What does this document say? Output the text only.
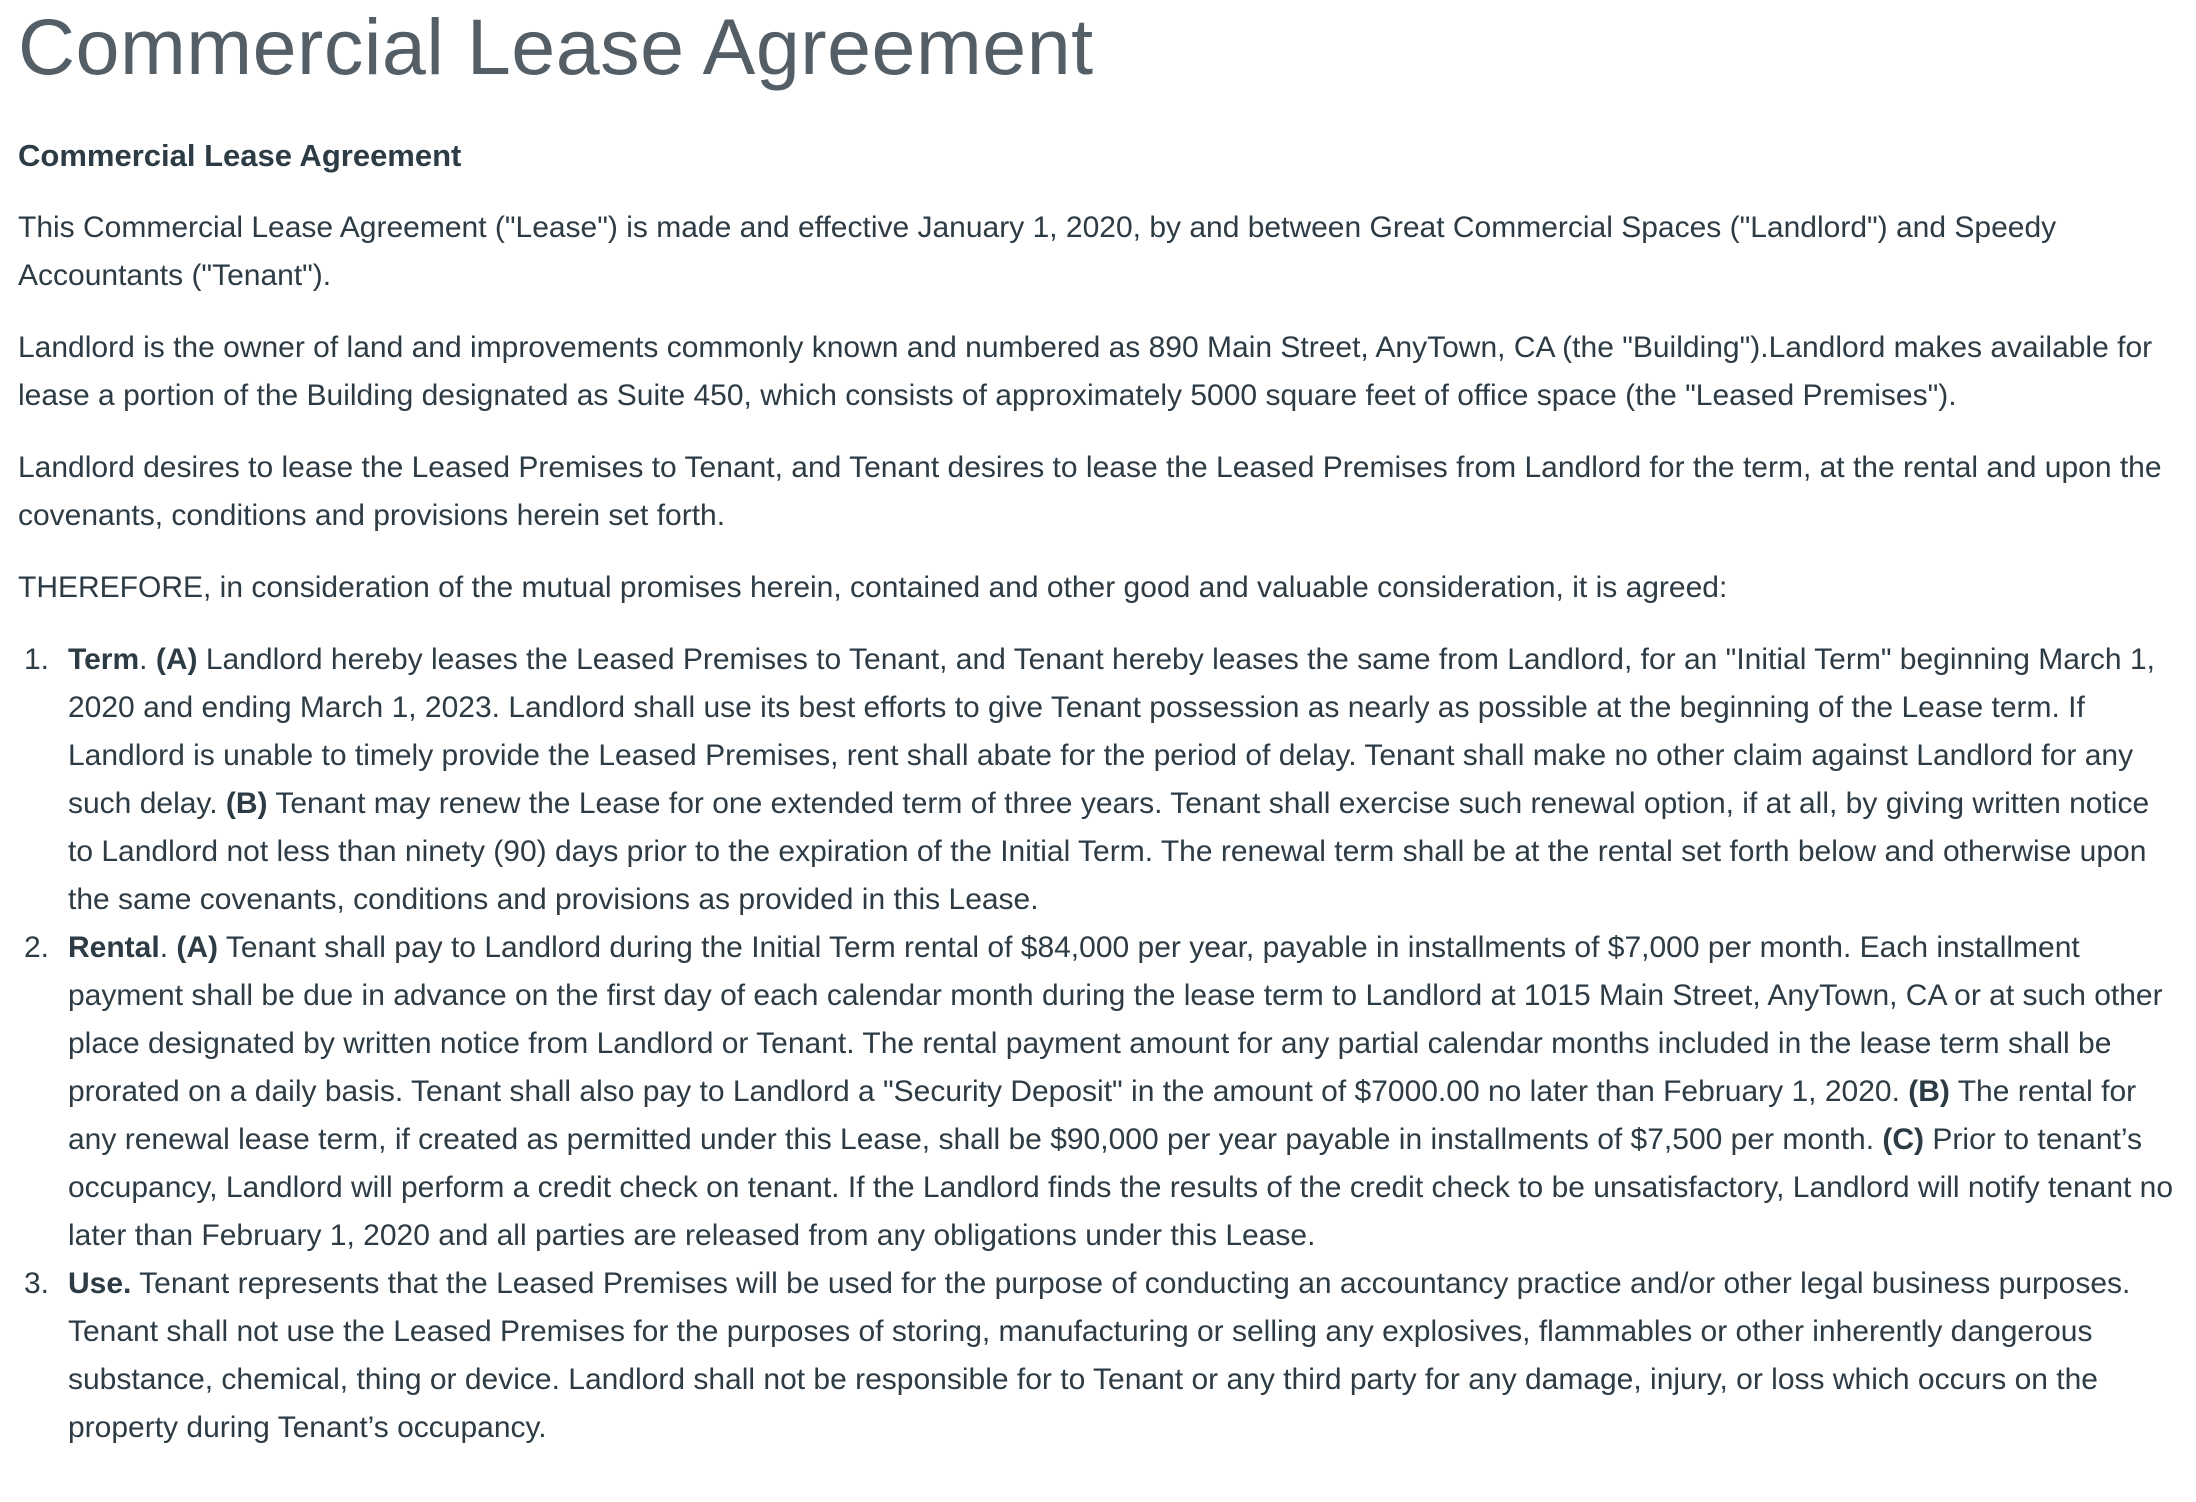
Commercial Lease Agreement
Commercial Lease Agreement

This Commercial Lease Agreement ("Lease") is made and effective January 1, 2020, by and between Great Commercial Spaces ("Landlord") and Speedy Accountants ("Tenant").

Landlord is the owner of land and improvements commonly known and numbered as 890 Main Street, AnyTown, CA (the "Building").Landlord makes available for lease a portion of the Building designated as Suite 450, which consists of approximately 5000 square feet of office space (the "Leased Premises").

Landlord desires to lease the Leased Premises to Tenant, and Tenant desires to lease the Leased Premises from Landlord for the term, at the rental and upon the covenants, conditions and provisions herein set forth.

THEREFORE, in consideration of the mutual promises herein, contained and other good and valuable consideration, it is agreed:

1. Term. (A) Landlord hereby leases the Leased Premises to Tenant, and Tenant hereby leases the same from Landlord, for an "Initial Term" beginning March 1, 2020 and ending March 1, 2023. Landlord shall use its best efforts to give Tenant possession as nearly as possible at the beginning of the Lease term. If Landlord is unable to timely provide the Leased Premises, rent shall abate for the period of delay. Tenant shall make no other claim against Landlord for any such delay. (B) Tenant may renew the Lease for one extended term of three years. Tenant shall exercise such renewal option, if at all, by giving written notice to Landlord not less than ninety (90) days prior to the expiration of the Initial Term. The renewal term shall be at the rental set forth below and otherwise upon the same covenants, conditions and provisions as provided in this Lease.
2. Rental. (A) Tenant shall pay to Landlord during the Initial Term rental of $84,000 per year, payable in installments of $7,000 per month. Each installment payment shall be due in advance on the first day of each calendar month during the lease term to Landlord at 1015 Main Street, AnyTown, CA or at such other place designated by written notice from Landlord or Tenant. The rental payment amount for any partial calendar months included in the lease term shall be prorated on a daily basis. Tenant shall also pay to Landlord a "Security Deposit" in the amount of $7000.00 no later than February 1, 2020. (B) The rental for any renewal lease term, if created as permitted under this Lease, shall be $90,000 per year payable in installments of $7,500 per month. (C) Prior to tenant’s occupancy, Landlord will perform a credit check on tenant. If the Landlord finds the results of the credit check to be unsatisfactory, Landlord will notify tenant no later than February 1, 2020 and all parties are released from any obligations under this Lease.
3. Use. Tenant represents that the Leased Premises will be used for the purpose of conducting an accountancy practice and/or other legal business purposes. Tenant shall not use the Leased Premises for the purposes of storing, manufacturing or selling any explosives, flammables or other inherently dangerous substance, chemical, thing or device. Landlord shall not be responsible for to Tenant or any third party for any damage, injury, or loss which occurs on the property during Tenant’s occupancy.
